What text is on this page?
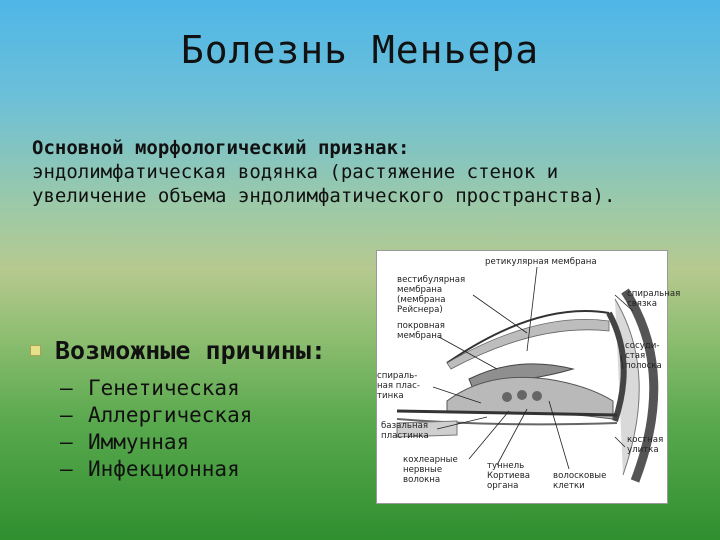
Болезнь Меньера
Основной морфологический признак:
эндолимфатическая водянка (растяжение стенок и увеличение объема эндолимфатического пространства).
Возможные причины:
– Генетическая
– Аллергическая
– Иммунная
– Инфекционная
ретикулярная мембрана
вестибулярная
мембрана
(мембрана
Рейснера)
спиральная
связка
покровная
мембрана
сосуди-
стая
полоска
спираль-
ная плас-
тинка
базальная
пластинка	костная
улитка
кохлеарные
нервные
волокна
туннель
Кортиева
органа
волосковые
клетки
